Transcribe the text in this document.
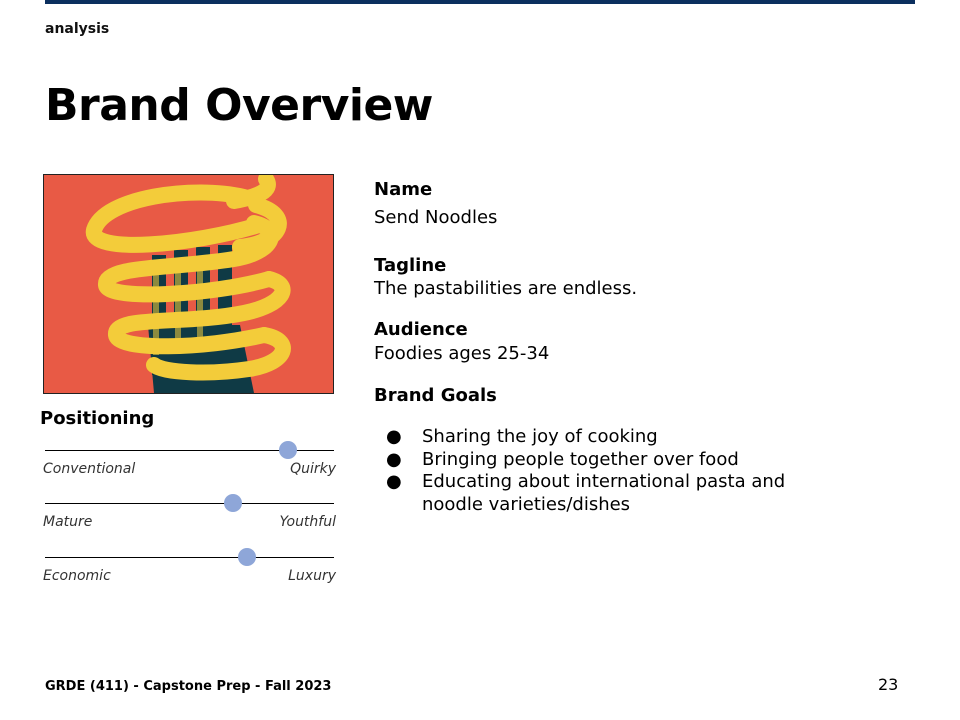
analysis
Brand Overview
Positioning
Conventional	Quirky
Mature	Youthful
Economic	Luxury
Name
Send Noodles
Tagline
The pastabilities are endless.
Audience
Foodies ages 25-34
Brand Goals
● Sharing the joy of cooking
● Bringing people together over food
● Educating about international pasta and noodle varieties/dishes
GRDE (411) - Capstone Prep - Fall 2023	23
